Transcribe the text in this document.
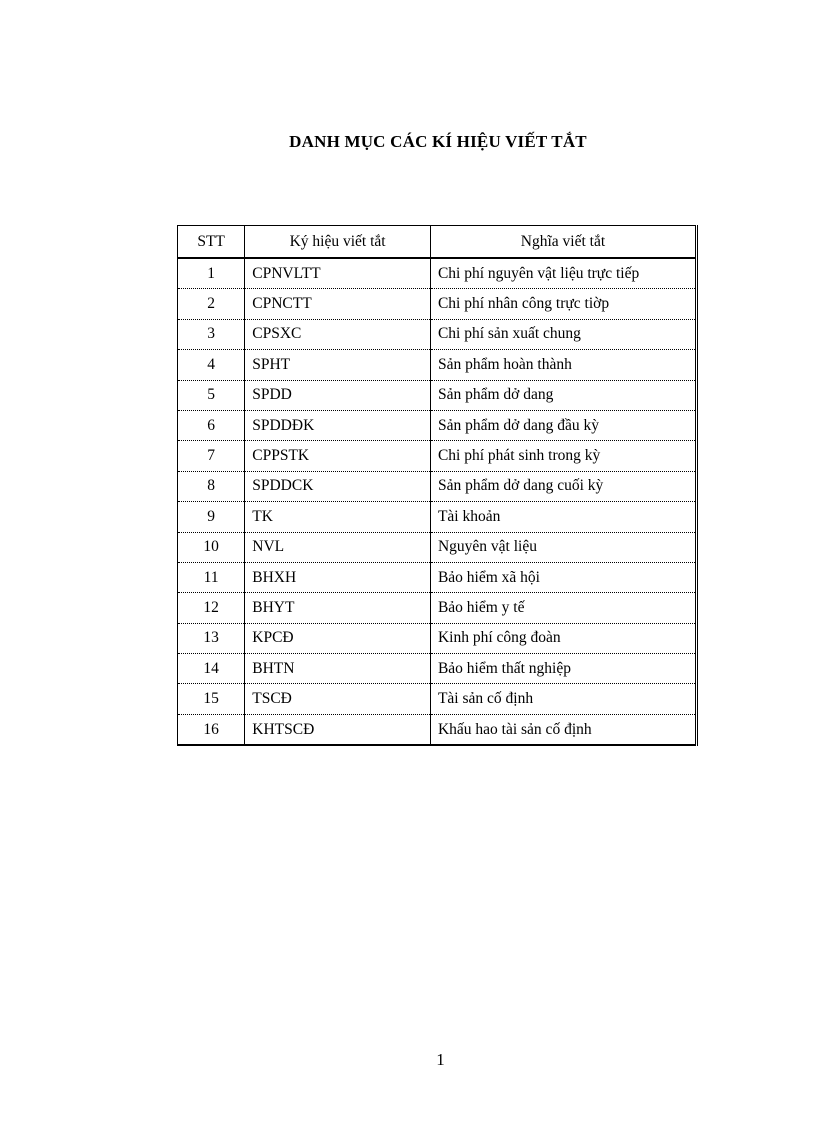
DANH MỤC CÁC KÍ HIỆU VIẾT TẮT
STT	Ký hiệu viết tắt	Nghĩa viết tắt
1	CPNVLTT	Chi phí nguyên vật liệu trực tiếp
2	CPNCTT	Chi phí nhân công trực tiờp
3	CPSXC	Chi phí sản xuất chung
4	SPHT	Sản phẩm hoàn thành
5	SPDD	Sản phẩm dở dang
6	SPDDĐK	Sản phẩm dở dang đầu kỳ
7	CPPSTK	Chi phí phát sinh trong kỳ
8	SPDDCK	Sản phẩm dở dang cuối kỳ
9	TK	Tài khoản
10	NVL	Nguyên vật liệu
11	BHXH	Bảo hiểm xã hội
12	BHYT	Bảo hiểm y tế
13	KPCĐ	Kinh phí công đoàn
14	BHTN	Bảo hiểm thất nghiệp
15	TSCĐ	Tài sản cố định
16	KHTSCĐ	Khấu hao tài sản cố định
1
